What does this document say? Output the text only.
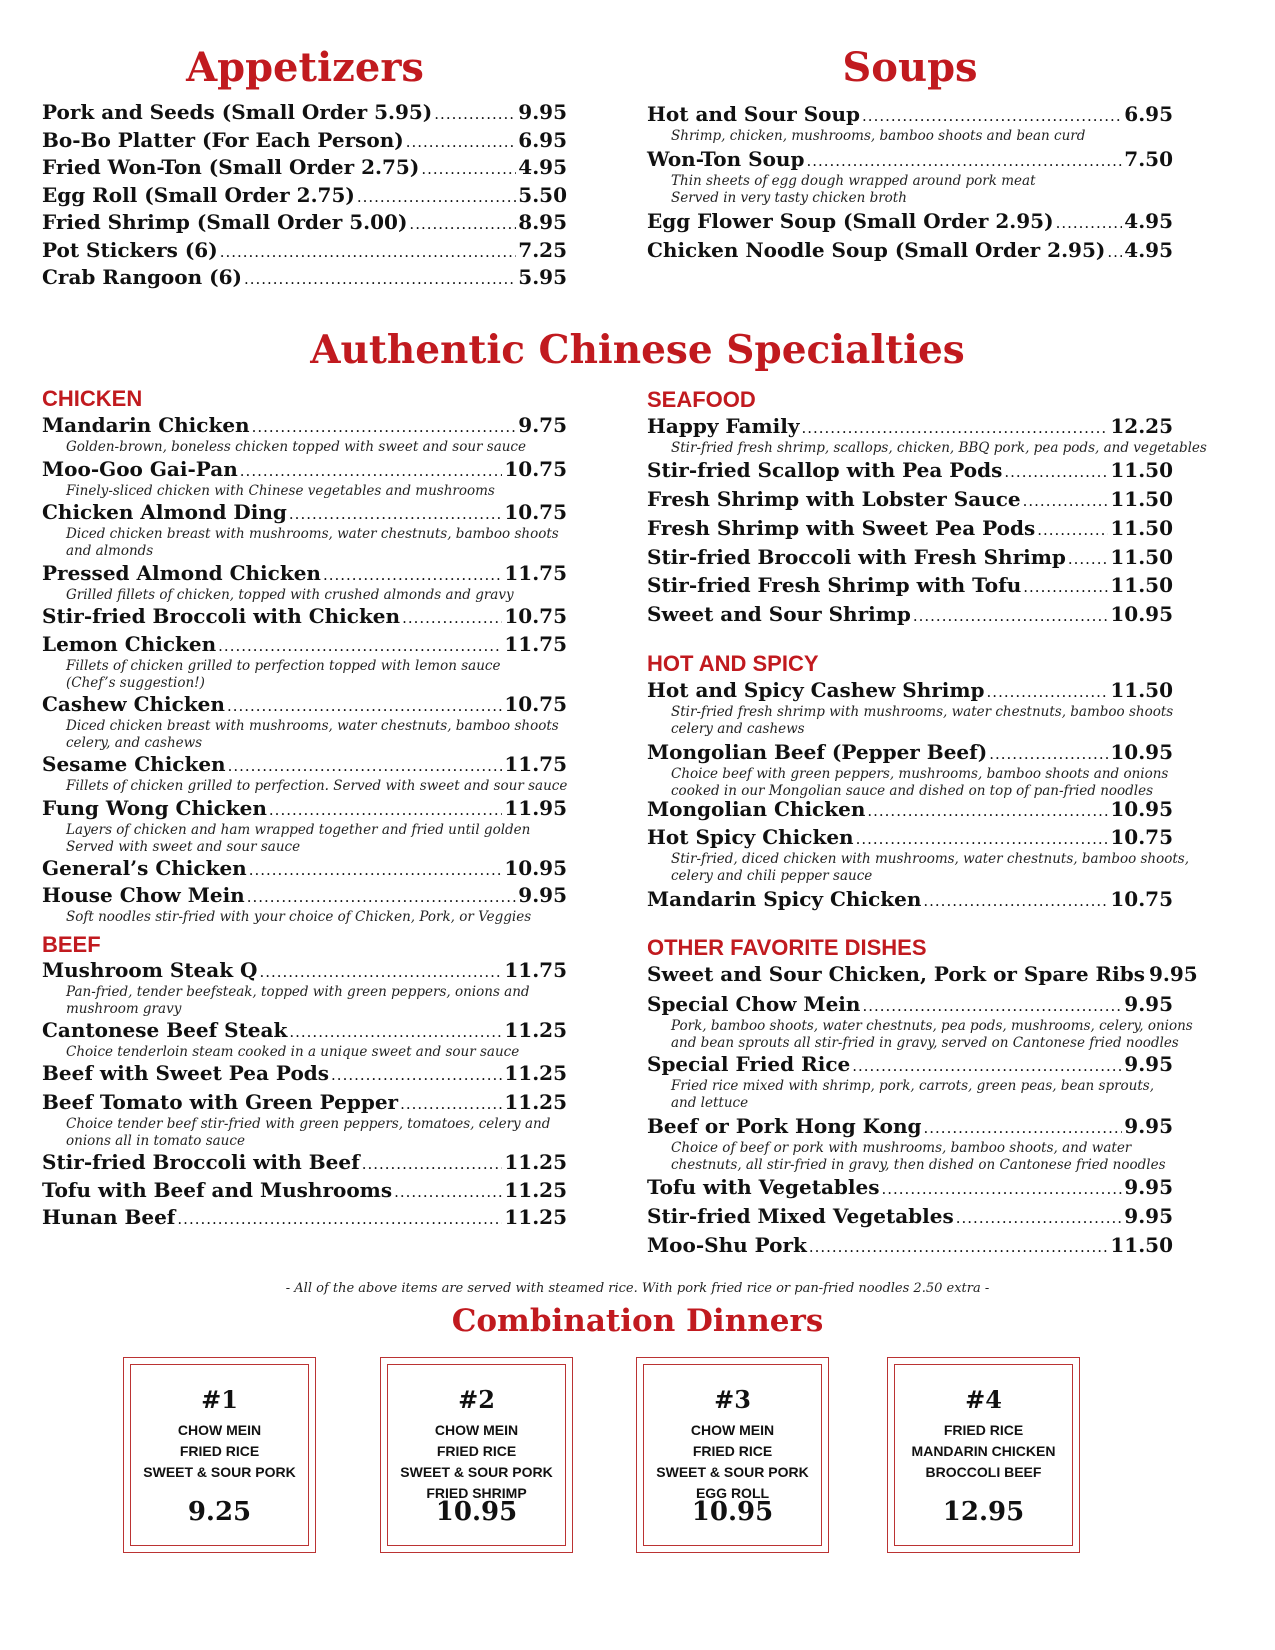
Appetizers	Soups
Authentic Chinese Specialties
Pork and Seeds (Small Order 5.95) .....	9.95
Bo-Bo Platter (For Each Person) .....	6.95
Fried Won-Ton (Small Order 2.75) .....	4.95
Egg Roll (Small Order 2.75) .....	5.50
Fried Shrimp (Small Order 5.00) .....	8.95
Pot Stickers (6) .....	7.25
Crab Rangoon (6) .....	5.95
Hot and Sour Soup .....	6.95
Shrimp, chicken, mushrooms, bamboo shoots and bean curd
Won-Ton Soup .....	7.50
Thin sheets of egg dough wrapped around pork meat
Served in very tasty chicken broth
Egg Flower Soup (Small Order 2.95) .....	4.95
Chicken Noodle Soup (Small Order 2.95) ..... 4.95
CHICKEN
Mandarin Chicken .....	9.75
Golden-brown, boneless chicken topped with sweet and sour sauce
Moo-Goo Gai-Pan .....	10.75
Finely-sliced chicken with Chinese vegetables and mushrooms
Chicken Almond Ding .....	10.75
Diced chicken breast with mushrooms, water chestnuts, bamboo shoots
and almonds
Pressed Almond Chicken .....	11.75
Grilled fillets of chicken, topped with crushed almonds and gravy
Stir-fried Broccoli with Chicken .....	10.75
Lemon Chicken .....	11.75
Fillets of chicken grilled to perfection topped with lemon sauce
(Chef’s suggestion!)
Cashew Chicken .....	10.75
Diced chicken breast with mushrooms, water chestnuts, bamboo shoots
celery, and cashews
Sesame Chicken .....	11.75
Fillets of chicken grilled to perfection. Served with sweet and sour sauce
Fung Wong Chicken .....	11.95
Layers of chicken and ham wrapped together and fried until golden
Served with sweet and sour sauce
General’s Chicken .....	10.95
House Chow Mein .....	9.95
Soft noodles stir-fried with your choice of Chicken, Pork, or Veggies
BEEF
Mushroom Steak Q .....	11.75
Pan-fried, tender beefsteak, topped with green peppers, onions and
mushroom gravy
Cantonese Beef Steak .....	11.25
Choice tenderloin steam cooked in a unique sweet and sour sauce
Beef with Sweet Pea Pods .....	11.25
Beef Tomato with Green Pepper .....	11.25
Choice tender beef stir-fried with green peppers, tomatoes, celery and
onions all in tomato sauce
Stir-fried Broccoli with Beef .....	11.25
Tofu with Beef and Mushrooms .....	11.25
Hunan Beef .....	11.25
SEAFOOD
Happy Family .....	12.25
Stir-fried fresh shrimp, scallops, chicken, BBQ pork, pea pods, and vegetables
Stir-fried Scallop with Pea Pods .....	11.50
Fresh Shrimp with Lobster Sauce .....	11.50
Fresh Shrimp with Sweet Pea Pods .....	11.50
Stir-fried Broccoli with Fresh Shrimp ..... 11.50
Stir-fried Fresh Shrimp with Tofu .....	11.50
Sweet and Sour Shrimp .....	10.95
HOT AND SPICY
Hot and Spicy Cashew Shrimp .....	11.50
Stir-fried fresh shrimp with mushrooms, water chestnuts, bamboo shoots
celery and cashews
Mongolian Beef (Pepper Beef) .....	10.95
Choice beef with green peppers, mushrooms, bamboo shoots and onions
cooked in our Mongolian sauce and dished on top of pan-fried noodles
Mongolian Chicken .....	10.95
Hot Spicy Chicken .....	10.75
Stir-fried, diced chicken with mushrooms, water chestnuts, bamboo shoots,
celery and chili pepper sauce
Mandarin Spicy Chicken .....	10.75
OTHER FAVORITE DISHES
Sweet and Sour Chicken, Pork or Spare Ribs 9.95
Special Chow Mein .....	9.95
Pork, bamboo shoots, water chestnuts, pea pods, mushrooms, celery, onions
and bean sprouts all stir-fried in gravy, served on Cantonese fried noodles
Special Fried Rice .....	9.95
Fried rice mixed with shrimp, pork, carrots, green peas, bean sprouts,
and lettuce
Beef or Pork Hong Kong .....	9.95
Choice of beef or pork with mushrooms, bamboo shoots, and water
chestnuts, all stir-fried in gravy, then dished on Cantonese fried noodles
Tofu with Vegetables .....	9.95
Stir-fried Mixed Vegetables .....	9.95
Moo-Shu Pork .....	11.50
- All of the above items are served with steamed rice. With pork fried rice or pan-fried noodles 2.50 extra -
Combination Dinners
#1
CHOW MEIN
FRIED RICE
SWEET & SOUR PORK
9.25
#2
CHOW MEIN
FRIED RICE
SWEET & SOUR PORK
FRIED SHRIMP
10.95
#3
CHOW MEIN
FRIED RICE
SWEET & SOUR PORK
EGG ROLL
10.95
#4
FRIED RICE
MANDARIN CHICKEN
BROCCOLI BEEF
12.95
